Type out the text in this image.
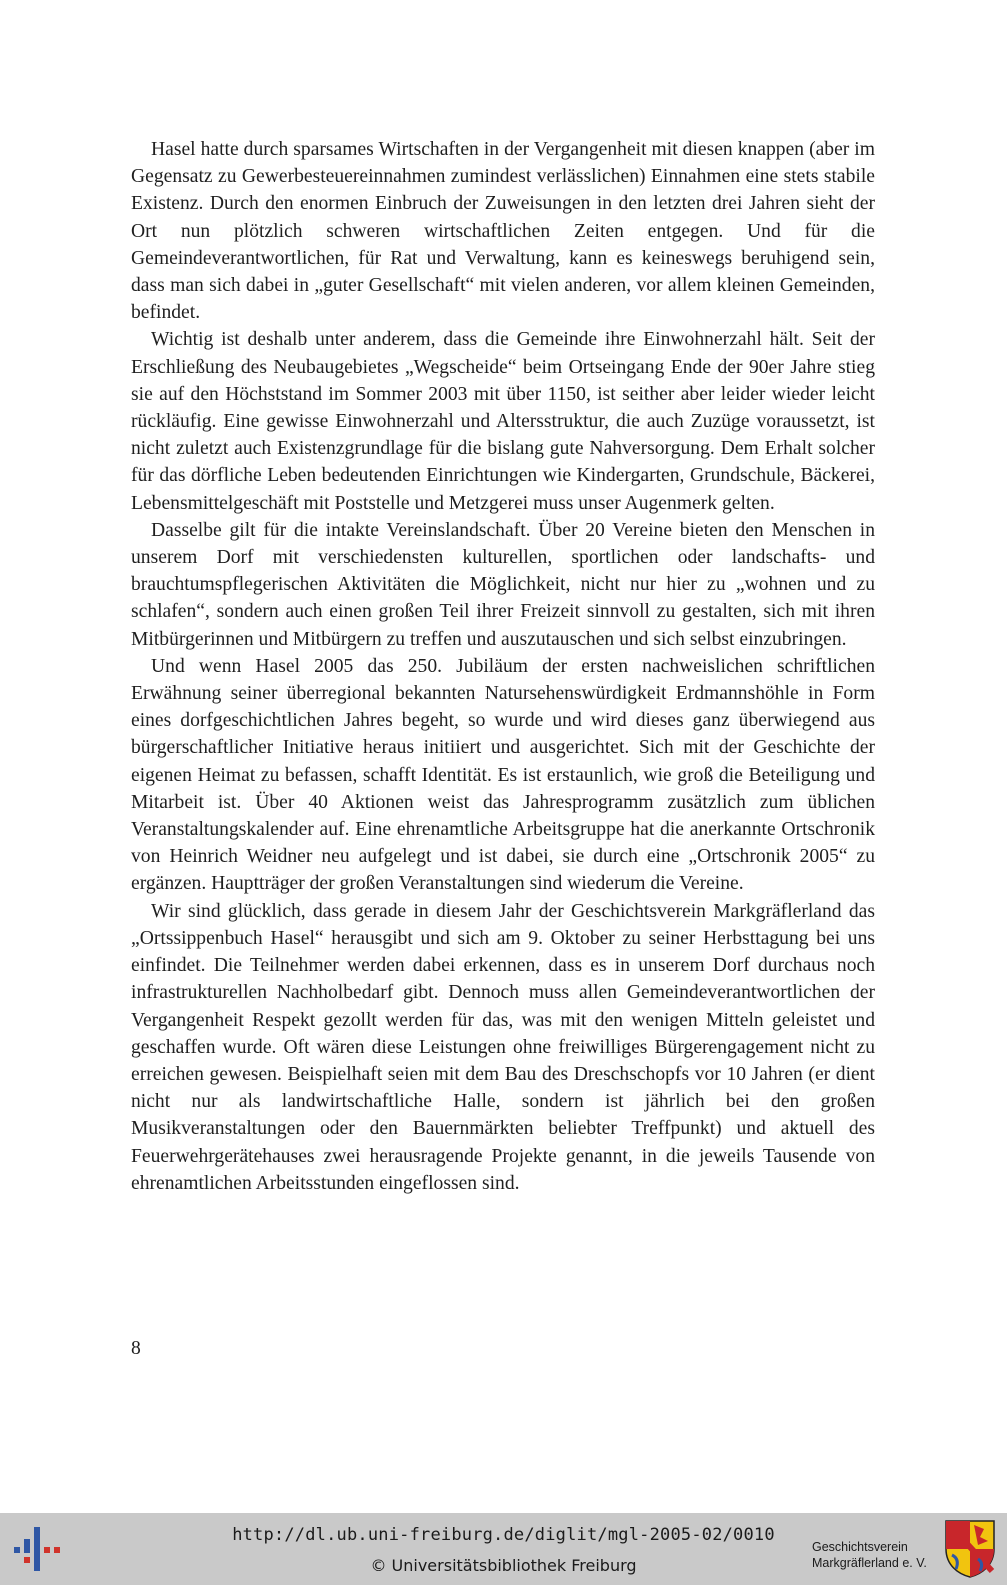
Hasel hatte durch sparsames Wirtschaften in der Vergangenheit mit diesen knappen (aber im Gegensatz zu Gewerbesteuereinnahmen zumindest verlässlichen) Einnahmen eine stets stabile Existenz. Durch den enormen Einbruch der Zuweisungen in den letzten drei Jahren sieht der Ort nun plötzlich schweren wirtschaftlichen Zeiten entgegen. Und für die Gemeindeverantwortlichen, für Rat und Verwaltung, kann es keineswegs beruhigend sein, dass man sich dabei in „guter Gesellschaft“ mit vielen anderen, vor allem kleinen Gemeinden, befindet.

Wichtig ist deshalb unter anderem, dass die Gemeinde ihre Einwohnerzahl hält. Seit der Erschließung des Neubaugebietes „Wegscheide“ beim Ortseingang Ende der 90er Jahre stieg sie auf den Höchststand im Sommer 2003 mit über 1150, ist seither aber leider wieder leicht rückläufig. Eine gewisse Einwohnerzahl und Altersstruktur, die auch Zuzüge voraussetzt, ist nicht zuletzt auch Existenzgrundlage für die bislang gute Nahversorgung. Dem Erhalt solcher für das dörfliche Leben bedeutenden Einrichtungen wie Kindergarten, Grundschule, Bäckerei, Lebensmittelgeschäft mit Poststelle und Metzgerei muss unser Augenmerk gelten.

Dasselbe gilt für die intakte Vereinslandschaft. Über 20 Vereine bieten den Menschen in unserem Dorf mit verschiedensten kulturellen, sportlichen oder landschafts- und brauchtumspflegerischen Aktivitäten die Möglichkeit, nicht nur hier zu „wohnen und zu schlafen“, sondern auch einen großen Teil ihrer Freizeit sinnvoll zu gestalten, sich mit ihren Mitbürgerinnen und Mitbürgern zu treffen und auszutauschen und sich selbst einzubringen.

Und wenn Hasel 2005 das 250. Jubiläum der ersten nachweislichen schriftlichen Erwähnung seiner überregional bekannten Natursehenswürdigkeit Erdmannshöhle in Form eines dorfgeschichtlichen Jahres begeht, so wurde und wird dieses ganz überwiegend aus bürgerschaftlicher Initiative heraus initiiert und ausgerichtet. Sich mit der Geschichte der eigenen Heimat zu befassen, schafft Identität. Es ist erstaunlich, wie groß die Beteiligung und Mitarbeit ist. Über 40 Aktionen weist das Jahresprogramm zusätzlich zum üblichen Veranstaltungskalender auf. Eine ehrenamtliche Arbeitsgruppe hat die anerkannte Ortschronik von Heinrich Weidner neu aufgelegt und ist dabei, sie durch eine „Ortschronik 2005“ zu ergänzen. Hauptträger der großen Veranstaltungen sind wiederum die Vereine.

Wir sind glücklich, dass gerade in diesem Jahr der Geschichtsverein Markgräflerland das „Ortssippenbuch Hasel“ herausgibt und sich am 9. Oktober zu seiner Herbsttagung bei uns einfindet. Die Teilnehmer werden dabei erkennen, dass es in unserem Dorf durchaus noch infrastrukturellen Nachholbedarf gibt. Dennoch muss allen Gemeindeverantwortlichen der Vergangenheit Respekt gezollt werden für das, was mit den wenigen Mitteln geleistet und geschaffen wurde. Oft wären diese Leistungen ohne freiwilliges Bürgerengagement nicht zu erreichen gewesen. Beispielhaft seien mit dem Bau des Dreschschopfs vor 10 Jahren (er dient nicht nur als landwirtschaftliche Halle, sondern ist jährlich bei den großen Musikveranstaltungen oder den Bauernmärkten beliebter Treffpunkt) und aktuell des Feuerwehrgerätehauses zwei herausragende Projekte genannt, in die jeweils Tausende von ehrenamtlichen Arbeitsstunden eingeflossen sind.

8
http://dl.ub.uni-freiburg.de/diglit/mgl-2005-02/0010
© Universitätsbibliothek Freiburg
Geschichtsverein
Markgräflerland e. V.
